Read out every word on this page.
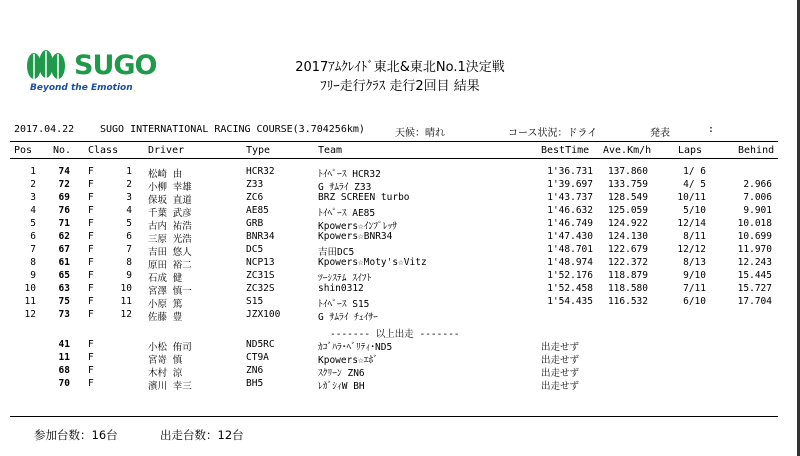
SUGO
Beyond the Emotion
2017ｱﾑｸﾚｲﾄﾞ東北&東北No.1決定戦
ﾌﾘｰ走行ｸﾗｽ 走行2回目 結果
2017.04.22	SUGO INTERNATIONAL RACING COURSE(3.704256km)	天候：晴れ	コース状況：ドライ	発表	:
Pos No. Class	Driver	Type	Team	BestTime Ave.Km/h	Laps	Behind
1	74 F	1 松崎 由	HCR32	ﾄｲﾍﾟｰｽ HCR32	1'36.731	137.860	1/ 6
2	72 F	2 小柳 幸雄	Z33	G ｻﾑﾗｲ Z33	1'39.697	133.759	4/ 5	2.966
3	69 F	3 保坂 直道	ZC6	BRZ SCREEN turbo	1'43.737	128.549	10/11	7.006
4	76 F	4 千葉 武彦	AE85	ﾄｲﾍﾟｰｽ AE85	1'46.632	125.059	5/10	9.901
5	71 F	5 古内 祐浩	GRB	Kpowers☆ｲﾝﾌﾟﾚｯｻ	1'46.749	124.922	12/14	10.018
6	62 F	6 三原 光浩	BNR34	Kpowers☆BNR34	1'47.430	124.130	8/11	10.699
7	67 F	7 吉田 悠人	DC5	吉田DC5	1'48.701	122.679	12/12	11.970
8	61 F	8 原田 裕二	NCP13	Kpowers☆Moty's☆Vitz	1'48.974	122.372	8/13	12.243
9	65 F	9 石成 健	ZC31S	ﾂｰｼｽﾃﾑ ｽｲﾌﾄ	1'52.176	118.879	9/10	15.445
10	63 F	10 宮澤 慎一	ZC32S	shin0312	1'52.458	118.580	7/11	15.727
11	75 F	11 小原 篤	S15	ﾄｲﾍﾟｰｽ S15	1'54.435	116.532	6/10	17.704
12	73 F	12 佐藤 豊	JZX100	G ｻﾑﾗｲ ﾁｪｲｻｰ
------- 以上出走 -------
41 F	小松 侑司	ND5RC	ｶｺﾞﾊﾗ･ﾍﾞﾘﾃｨ･ND5	出走せず
11 F	宮嵜 慎	CT9A	Kpowers☆ｴﾎﾞ	出走せず
68 F	木村 涼	ZN6	ｽｸﾘｰﾝ ZN6	出走せず
70 F	濱川 幸三	BH5	ﾚｶﾞｼｨW BH	出走せず
参加台数：16台	出走台数：12台
